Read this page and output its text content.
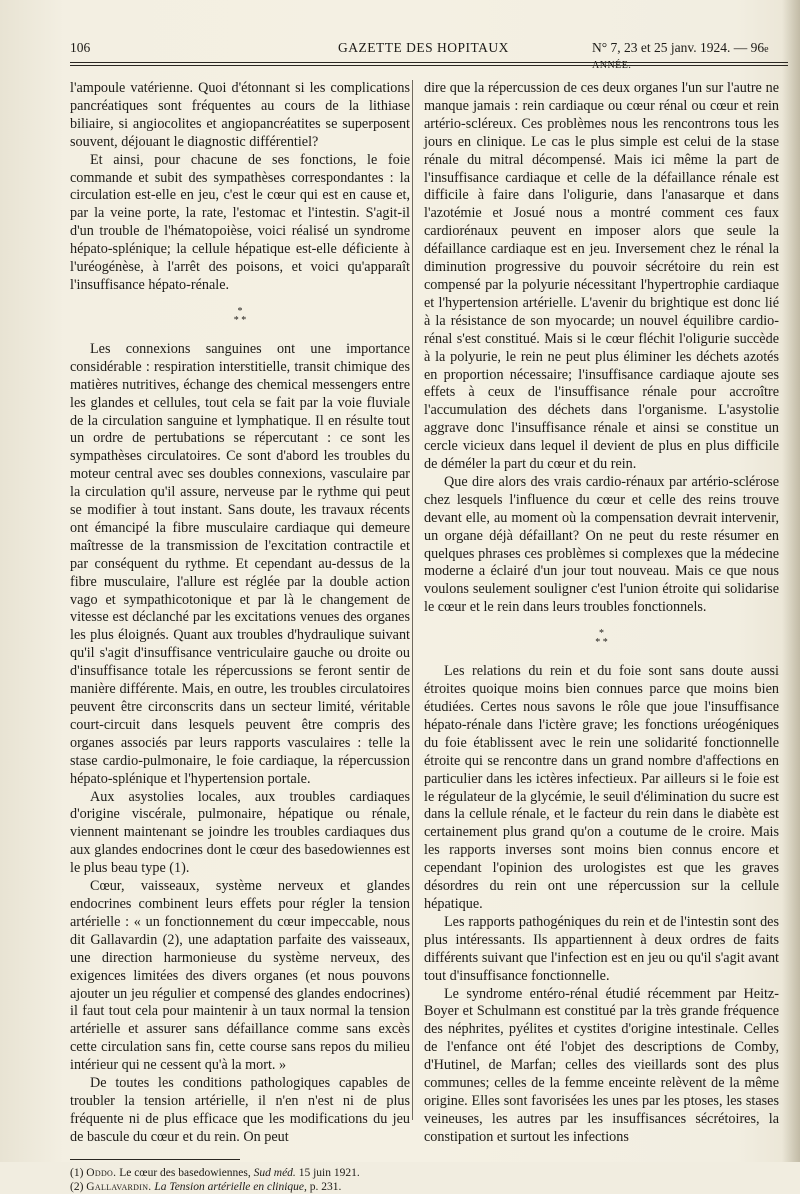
106	GAZETTE DES HOPITAUX	N° 7, 23 et 25 janv. 1924. — 96e ANNÉE.

l'ampoule vatérienne. Quoi d'étonnant si les complications pancréatiques sont fréquentes au cours de la lithiase biliaire, si angiocolites et angiopancréatites se superposent souvent, déjouant le diagnostic différentiel?

Et ainsi, pour chacune de ses fonctions, le foie commande et subit des sympathèses correspondantes : la circulation est-elle en jeu, c'est le cœur qui est en cause et, par la veine porte, la rate, l'estomac et l'intestin. S'agit-il d'un trouble de l'hématopoièse, voici réalisé un syndrome hépato-splénique; la cellule hépatique est-elle déficiente à l'uréogénèse, à l'arrêt des poisons, et voici qu'apparaît l'insuffisance hépato-rénale.

*
* *

Les connexions sanguines ont une importance considérable : respiration interstitielle, transit chimique des matières nutritives, échange des chemical messengers entre les glandes et cellules, tout cela se fait par la voie fluviale de la circulation sanguine et lymphatique. Il en résulte tout un ordre de pertubations se répercutant : ce sont les sympathèses circulatoires. Ce sont d'abord les troubles du moteur central avec ses doubles connexions, vasculaire par la circulation qu'il assure, nerveuse par le rythme qui peut se modifier à tout instant. Sans doute, les travaux récents ont émancipé la fibre musculaire cardiaque qui demeure maîtresse de la transmission de l'excitation contractile et par conséquent du rythme. Et cependant au-dessus de la fibre musculaire, l'allure est réglée par la double action vago et sympathicotonique et par là le changement de vitesse est déclanché par les excitations venues des organes les plus éloignés. Quant aux troubles d'hydraulique suivant qu'il s'agit d'insuffisance ventriculaire gauche ou droite ou d'insuffisance totale les répercussions se feront sentir de manière différente. Mais, en outre, les troubles circulatoires peuvent être circonscrits dans un secteur limité, véritable court-circuit dans lesquels peuvent être compris des organes associés par leurs rapports vasculaires : telle la stase cardio-pulmonaire, le foie cardiaque, la répercussion hépato-splénique et l'hypertension portale.

Aux asystolies locales, aux troubles cardiaques d'origine viscérale, pulmonaire, hépatique ou rénale, viennent maintenant se joindre les troubles cardiaques dus aux glandes endocrines dont le cœur des basedowiennes est le plus beau type (1).

Cœur, vaisseaux, système nerveux et glandes endocrines combinent leurs effets pour régler la tension artérielle : « un fonctionnement du cœur impeccable, nous dit Gallavardin (2), une adaptation parfaite des vaisseaux, une direction harmonieuse du système nerveux, des exigences limitées des divers organes (et nous pouvons ajouter un jeu régulier et compensé des glandes endocrines) il faut tout cela pour maintenir à un taux normal la tension artérielle et assurer sans défaillance comme sans excès cette circulation sans fin, cette course sans repos du milieu intérieur qui ne cessent qu'à la mort. »

De toutes les conditions pathologiques capables de troubler la tension artérielle, il n'en n'est ni de plus fréquente ni de plus efficace que les modifications du jeu de bascule du cœur et du rein. On peut

(1) Oddo. Le cœur des basedowiennes, Sud méd. 15 juin 1921.

(2) Gallavardin. La Tension artérielle en clinique, p. 231.

dire que la répercussion de ces deux organes l'un sur l'autre ne manque jamais : rein cardiaque ou cœur rénal ou cœur et rein artério-scléreux. Ces problèmes nous les rencontrons tous les jours en clinique. Le cas le plus simple est celui de la stase rénale du mitral décompensé. Mais ici même la part de l'insuffisance cardiaque et celle de la défaillance rénale est difficile à faire dans l'oligurie, dans l'anasarque et dans l'azotémie et Josué nous a montré comment ces faux cardiorénaux peuvent en imposer alors que seule la défaillance cardiaque est en jeu. Inversement chez le rénal la diminution progressive du pouvoir sécrétoire du rein est compensé par la polyurie nécessitant l'hypertrophie cardiaque et l'hypertension artérielle. L'avenir du brightique est donc lié à la résistance de son myocarde; un nouvel équilibre cardio-rénal s'est constitué. Mais si le cœur fléchit l'oligurie succède à la polyurie, le rein ne peut plus éliminer les déchets azotés en proportion nécessaire; l'insuffisance cardiaque ajoute ses effets à ceux de l'insuffisance rénale pour accroître l'accumulation des déchets dans l'organisme. L'asystolie aggrave donc l'insuffisance rénale et ainsi se constitue un cercle vicieux dans lequel il devient de plus en plus difficile de déméler la part du cœur et du rein.

Que dire alors des vrais cardio-rénaux par artério-sclérose chez lesquels l'influence du cœur et celle des reins trouve devant elle, au moment où la compensation devrait intervenir, un organe déjà défaillant? On ne peut du reste résumer en quelques phrases ces problèmes si complexes que la médecine moderne a éclairé d'un jour tout nouveau. Mais ce que nous voulons seulement souligner c'est l'union étroite qui solidarise le cœur et le rein dans leurs troubles fonctionnels.

*
* *

Les relations du rein et du foie sont sans doute aussi étroites quoique moins bien connues parce que moins bien étudiées. Certes nous savons le rôle que joue l'insuffisance hépato-rénale dans l'ictère grave; les fonctions uréogéniques du foie établissent avec le rein une solidarité fonctionnelle étroite qui se rencontre dans un grand nombre d'affections en particulier dans les ictères infectieux. Par ailleurs si le foie est le régulateur de la glycémie, le seuil d'élimination du sucre est dans la cellule rénale, et le facteur du rein dans le diabète est certainement plus grand qu'on a coutume de le croire. Mais les rapports inverses sont moins bien connus encore et cependant l'opinion des urologistes est que les graves désordres du rein ont une répercussion sur la cellule hépatique.

Les rapports pathogéniques du rein et de l'intestin sont des plus intéressants. Ils appartiennent à deux ordres de faits différents suivant que l'infection est en jeu ou qu'il s'agit avant tout d'insuffisance fonctionnelle.

Le syndrome entéro-rénal étudié récemment par Heitz-Boyer et Schulmann est constitué par la très grande fréquence des néphrites, pyélites et cystites d'origine intestinale. Celles de l'enfance ont été l'objet des descriptions de Comby, d'Hutinel, de Marfan; celles des vieillards sont des plus communes; celles de la femme enceinte relèvent de la même origine. Elles sont favorisées les unes par les ptoses, les stases veineuses, les autres par les insuffisances sécrétoires, la constipation et surtout les infections
